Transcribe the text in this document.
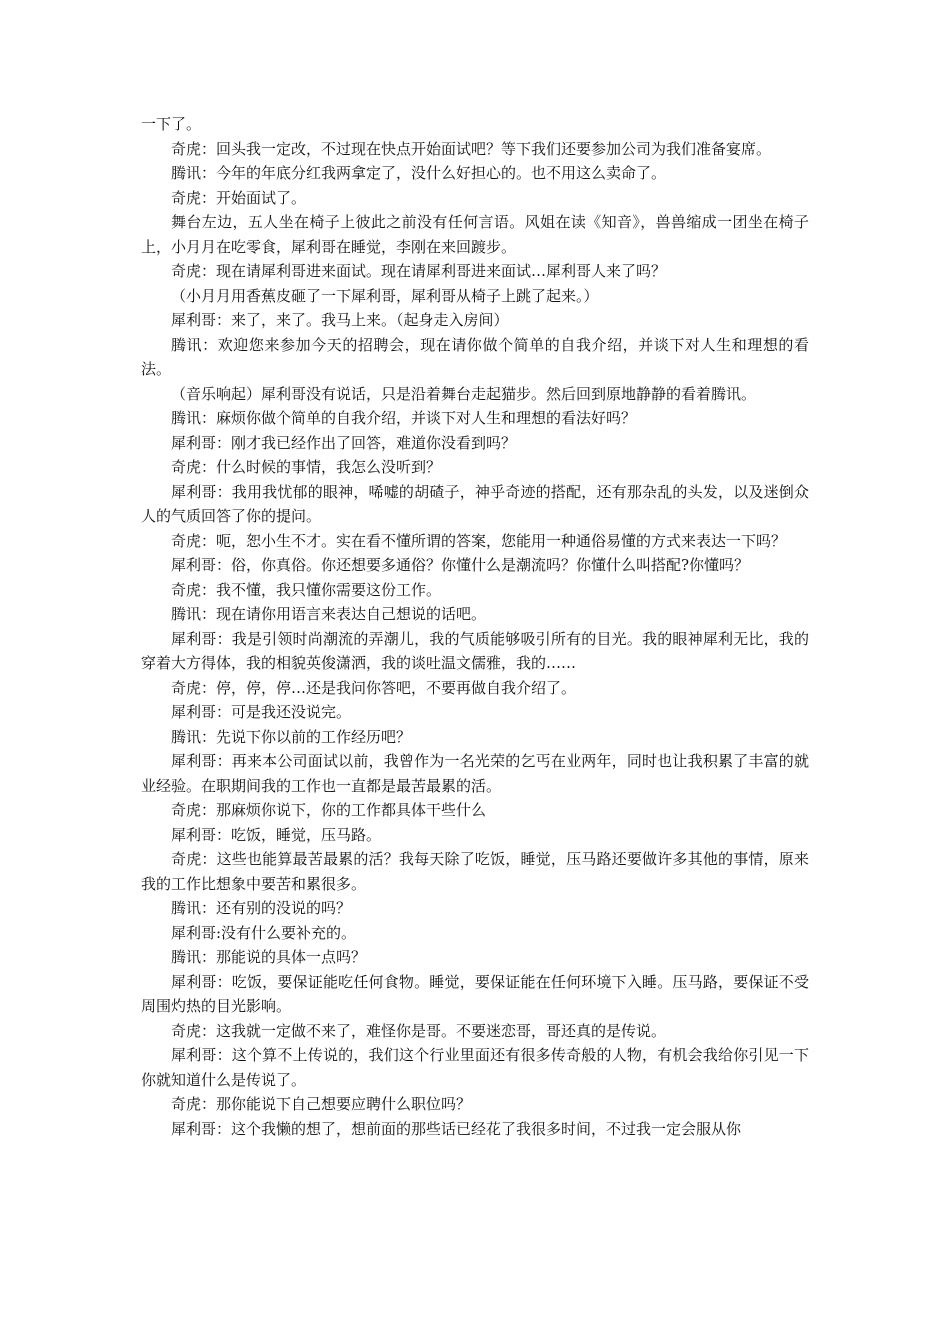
一下了。

奇虎：回头我一定改，不过现在快点开始面试吧？等下我们还要参加公司为我们准备宴席。

腾讯：今年的年底分红我两拿定了，没什么好担心的。也不用这么卖命了。

奇虎：开始面试了。

舞台左边，五人坐在椅子上彼此之前没有任何言语。风姐在读《知音》，兽兽缩成一团坐在椅子上，小月月在吃零食，犀利哥在睡觉，李刚在来回踱步。

奇虎：现在请犀利哥进来面试。现在请犀利哥进来面试…犀利哥人来了吗？

（小月月用香蕉皮砸了一下犀利哥，犀利哥从椅子上跳了起来。）

犀利哥：来了，来了。我马上来。（起身走入房间）

腾讯：欢迎您来参加今天的招聘会，现在请你做个简单的自我介绍，并谈下对人生和理想的看法。

（音乐响起）犀利哥没有说话，只是沿着舞台走起猫步。然后回到原地静静的看着腾讯。

腾讯：麻烦你做个简单的自我介绍，并谈下对人生和理想的看法好吗？

犀利哥：刚才我已经作出了回答，难道你没看到吗？

奇虎：什么时候的事情，我怎么没听到？

犀利哥：我用我忧郁的眼神，唏嘘的胡碴子，神乎奇迹的搭配，还有那杂乱的头发，以及迷倒众人的气质回答了你的提问。

奇虎：呃，恕小生不才。实在看不懂所谓的答案，您能用一种通俗易懂的方式来表达一下吗？

犀利哥：俗，你真俗。你还想要多通俗？你懂什么是潮流吗？你懂什么叫搭配?你懂吗？

奇虎：我不懂，我只懂你需要这份工作。

腾讯：现在请你用语言来表达自己想说的话吧。

犀利哥：我是引领时尚潮流的弄潮儿，我的气质能够吸引所有的目光。我的眼神犀利无比，我的穿着大方得体，我的相貌英俊潇洒，我的谈吐温文儒雅，我的……

奇虎：停，停，停…还是我问你答吧，不要再做自我介绍了。

犀利哥：可是我还没说完。

腾讯：先说下你以前的工作经历吧？

犀利哥：再来本公司面试以前，我曾作为一名光荣的乞丐在业两年，同时也让我积累了丰富的就业经验。在职期间我的工作也一直都是最苦最累的活。

奇虎：那麻烦你说下，你的工作都具体干些什么

犀利哥：吃饭，睡觉，压马路。

奇虎：这些也能算最苦最累的活？我每天除了吃饭，睡觉，压马路还要做许多其他的事情，原来我的工作比想象中要苦和累很多。

腾讯：还有别的没说的吗？

犀利哥:没有什么要补充的。

腾讯：那能说的具体一点吗？

犀利哥：吃饭，要保证能吃任何食物。睡觉，要保证能在任何环境下入睡。压马路，要保证不受周围灼热的目光影响。

奇虎：这我就一定做不来了，难怪你是哥。不要迷恋哥，哥还真的是传说。

犀利哥：这个算不上传说的，我们这个行业里面还有很多传奇般的人物，有机会我给你引见一下你就知道什么是传说了。

奇虎：那你能说下自己想要应聘什么职位吗？

犀利哥：这个我懒的想了，想前面的那些话已经花了我很多时间，不过我一定会服从你
